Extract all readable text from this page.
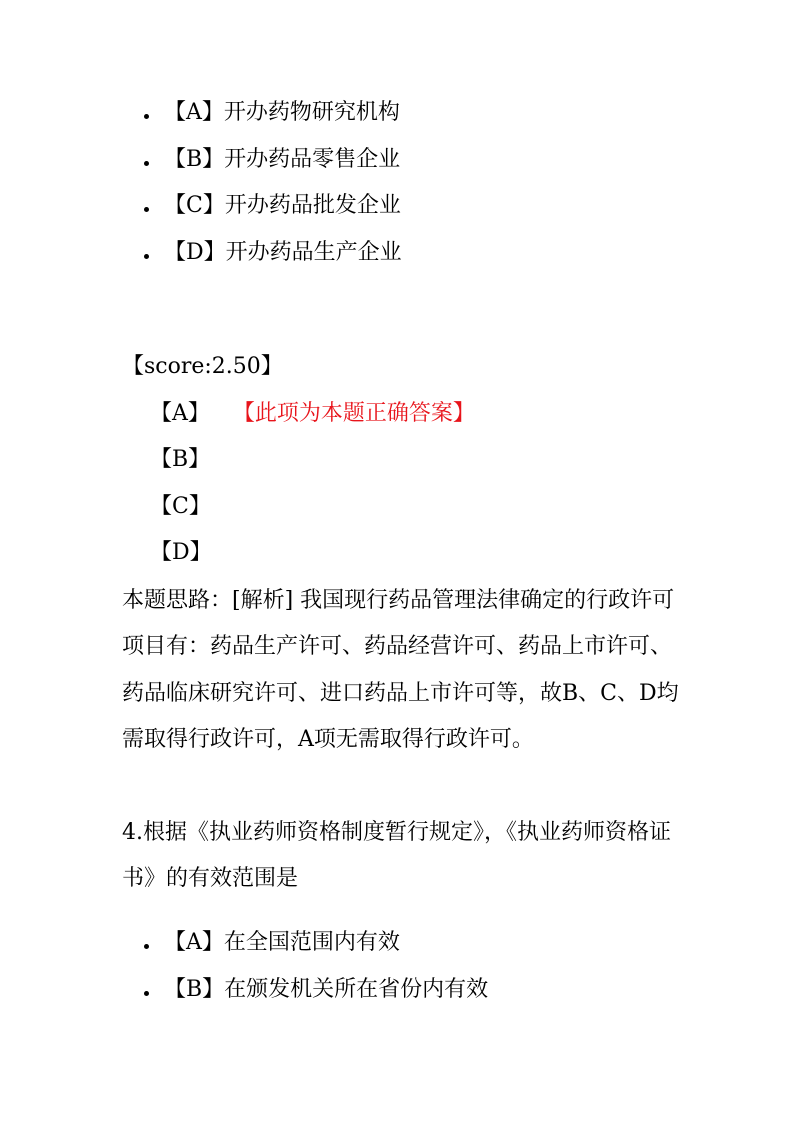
【A】开办药物研究机构
【B】开办药品零售企业
【C】开办药品批发企业
【D】开办药品生产企业
【score:2.50】
【A】 【此项为本题正确答案】
【B】
【C】
【D】

本题思路：[解析] 我国现行药品管理法律确定的行政许可项目有：药品生产许可、药品经营许可、药品上市许可、药品临床研究许可、进口药品上市许可等，故B、C、D均需取得行政许可，A项无需取得行政许可。

4.根据《执业药师资格制度暂行规定》，《执业药师资格证书》的有效范围是

【A】在全国范围内有效
【B】在颁发机关所在省份内有效
